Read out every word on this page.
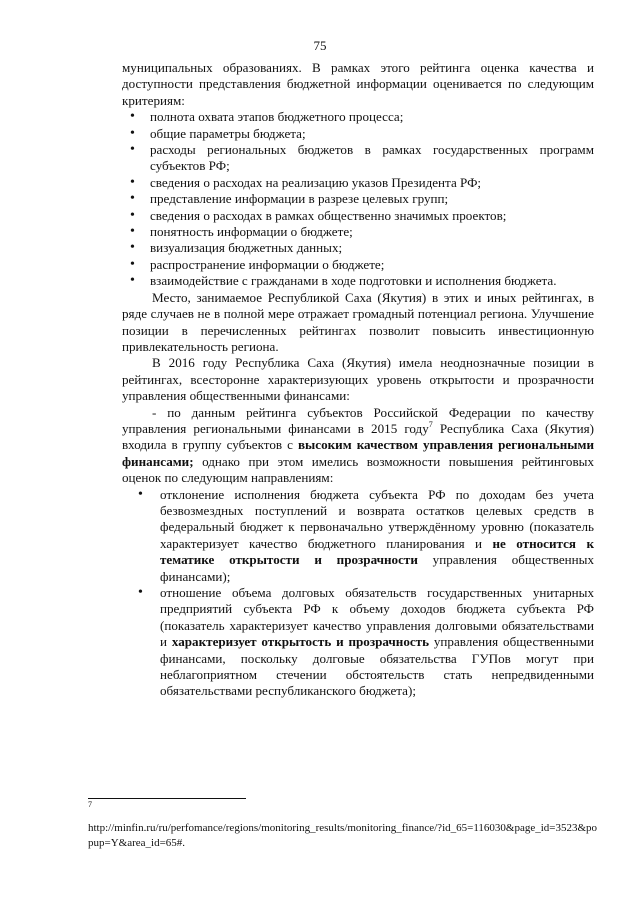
75

муниципальных образованиях. В рамках этого рейтинга оценка качества и доступности представления бюджетной информации оценивается по следующим критериям:

• полнота охвата этапов бюджетного процесса;
• общие параметры бюджета;
• расходы региональных бюджетов в рамках государственных программ субъектов РФ;
• сведения о расходах на реализацию указов Президента РФ;
• представление информации в разрезе целевых групп;
• сведения о расходах в рамках общественно значимых проектов;
• понятность информации о бюджете;
• визуализация бюджетных данных;
• распространение информации о бюджете;
• взаимодействие с гражданами в ходе подготовки и исполнения бюджета.

Место, занимаемое Республикой Саха (Якутия) в этих и иных рейтингах, в ряде случаев не в полной мере отражает громадный потенциал региона. Улучшение позиции в перечисленных рейтингах позволит повысить инвестиционную привлекательность региона.

В 2016 году Республика Саха (Якутия) имела неоднозначные позиции в рейтингах, всесторонне характеризующих уровень открытости и прозрачности управления общественными финансами:

- по данным рейтинга субъектов Российской Федерации по качеству управления региональными финансами в 2015 году$^7$ Республика Саха (Якутия) входила в группу субъектов с высоким качеством управления региональными финансами; однако при этом имелись возможности повышения рейтинговых оценок по следующим направлениям:

• отклонение исполнения бюджета субъекта РФ по доходам без учета безвозмездных поступлений и возврата остатков целевых средств в федеральный бюджет к первоначально утверждённому уровню (показатель характеризует качество бюджетного планирования и не относится к тематике открытости и прозрачности управления общественных финансами);
• отношение объема долговых обязательств государственных унитарных предприятий субъекта РФ к объему доходов бюджета субъекта РФ (показатель характеризует качество управления долговыми обязательствами и характеризует открытость и прозрачность управления общественными финансами, поскольку долговые обязательства ГУПов могут при неблагоприятном стечении обстоятельств стать непредвиденными обязательствами республиканского бюджета);
7
http://minfin.ru/ru/perfomance/regions/monitoring_results/monitoring_finance/?id_65=116030&page_id=3523&popup=Y&area_id=65#.
